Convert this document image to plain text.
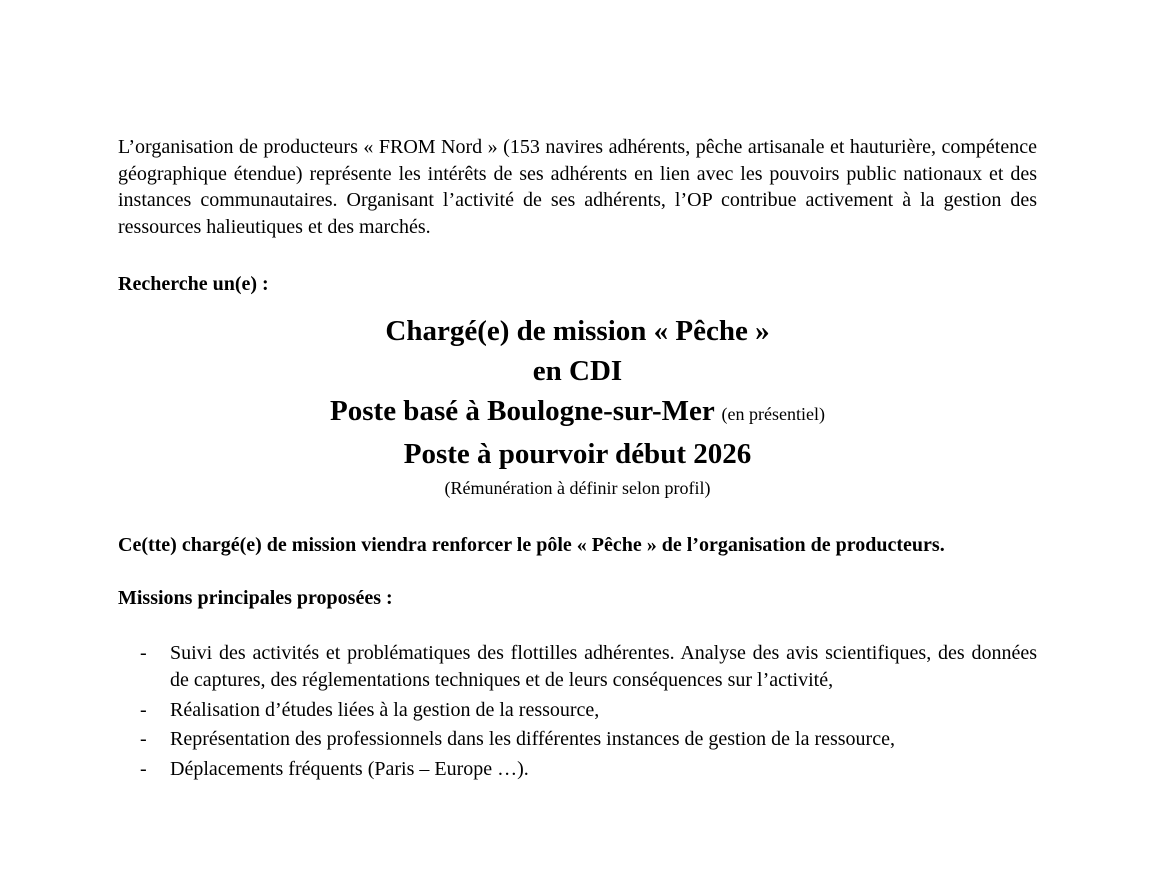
L’organisation de producteurs « FROM Nord » (153 navires adhérents, pêche artisanale et hauturière, compétence géographique étendue) représente les intérêts de ses adhérents en lien avec les pouvoirs public nationaux et des instances communautaires. Organisant l’activité de ses adhérents, l’OP contribue activement à la gestion des ressources halieutiques et des marchés.

Recherche un(e) :

Chargé(e) de mission « Pêche »

en CDI

Poste basé à Boulogne-sur-Mer (en présentiel)

Poste à pourvoir début 2026

(Rémunération à définir selon profil)

Ce(tte) chargé(e) de mission viendra renforcer le pôle « Pêche » de l’organisation de producteurs.

Missions principales proposées :

- Suivi des activités et problématiques des flottilles adhérentes. Analyse des avis scientifiques, des données de captures, des réglementations techniques et de leurs conséquences sur l’activité,
- Réalisation d’études liées à la gestion de la ressource,
- Représentation des professionnels dans les différentes instances de gestion de la ressource,
- Déplacements fréquents (Paris – Europe …).
